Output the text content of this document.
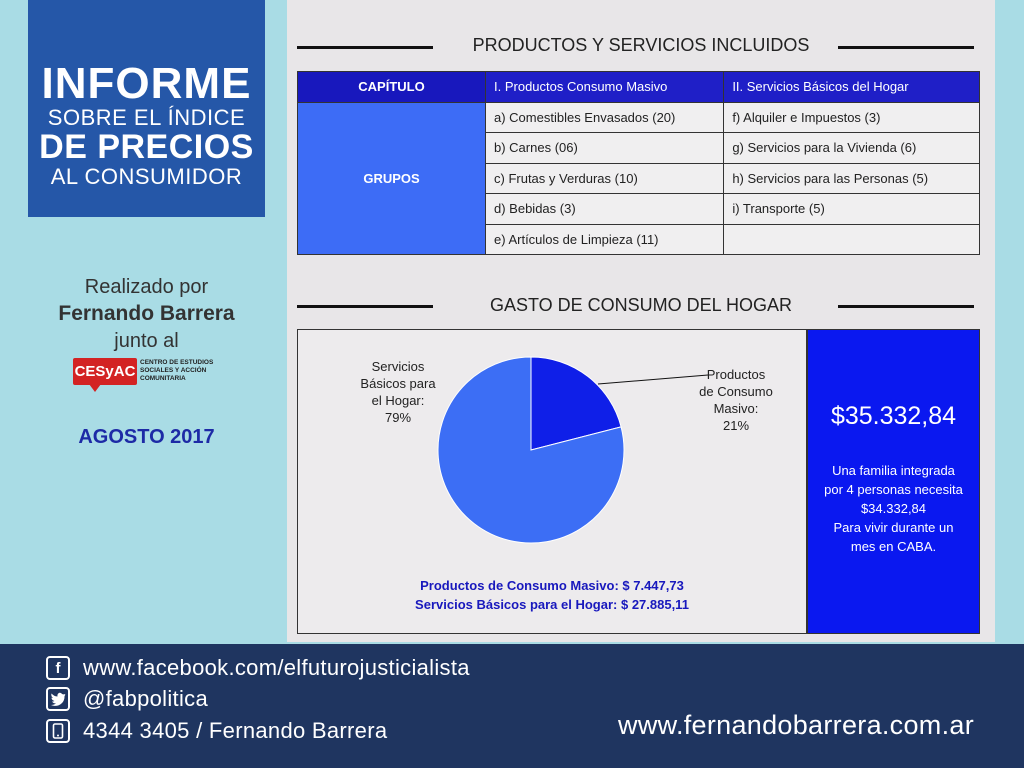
INFORME
SOBRE EL ÍNDICE
DE PRECIOS
AL CONSUMIDOR
Realizado por
Fernando Barrera
junto al
CESyAC
CENTRO DE ESTUDIOS SOCIALES Y ACCIÓN COMUNITARIA
AGOSTO 2017
PRODUCTOS Y SERVICIOS INCLUIDOS
CAPÍTULO	I. Productos Consumo Masivo	II. Servicios Básicos del Hogar
GRUPOS	a) Comestibles Envasados (20)	f) Alquiler e Impuestos (3)
	b) Carnes (06)	g) Servicios para la Vivienda (6)
	c) Frutas y Verduras (10)	h) Servicios para las Personas (5)
	d) Bebidas (3)	i) Transporte (5)
	e) Artículos de Limpieza (11)	
GASTO DE CONSUMO DEL HOGAR
Servicios
Básicos para
el Hogar:
79%
Productos
de Consumo
Masivo:
21%
Productos de Consumo Masivo: $ 7.447,73
Servicios Básicos para el Hogar: $ 27.885,11
$35.332,84
Una familia integrada
por 4 personas necesita
$34.332,84
Para vivir durante un
mes en CABA.
f	www.facebook.com/elfuturojusticialista
@fabpolitica
4344 3405 / Fernando Barrera	www.fernandobarrera.com.ar
